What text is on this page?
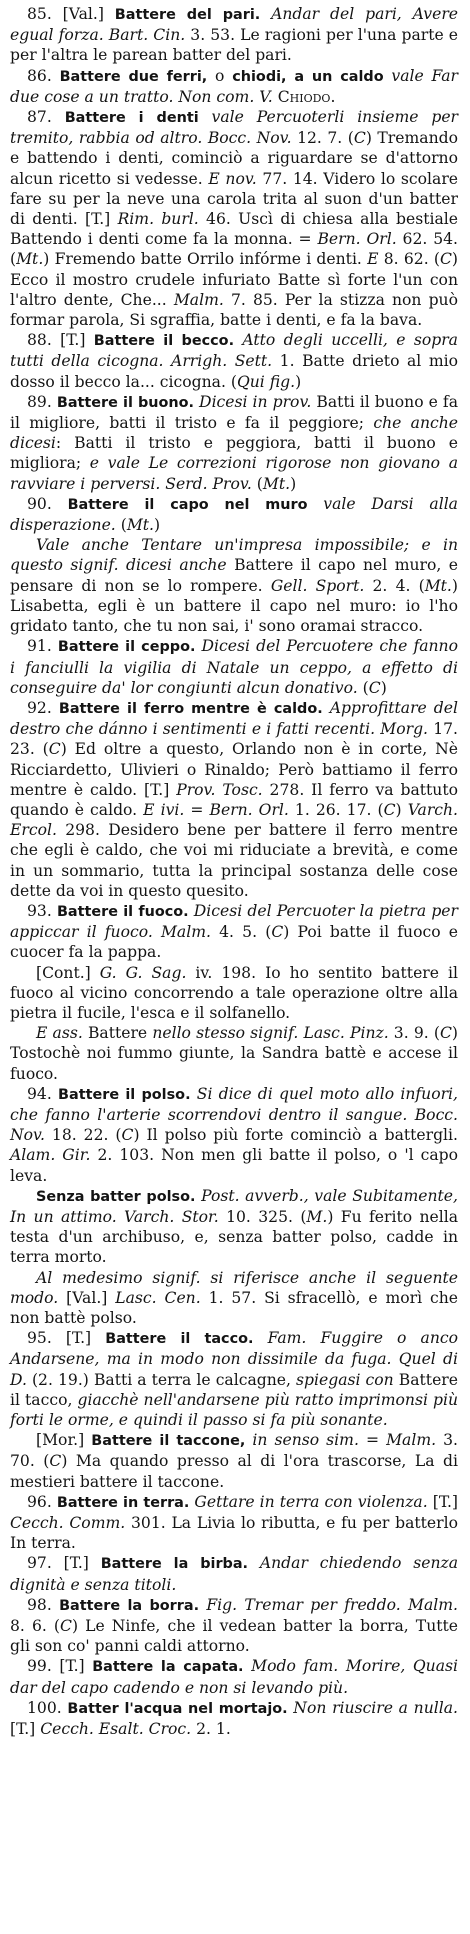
85. [Val.] Battere del pari. Andar del pari, Avere egual forza. Bart. Cin. 3. 53. Le ragioni per l'una parte e per l'altra le parean batter del pari.

86. Battere due ferri, o chiodi, a un caldo vale Far due cose a un tratto. Non com. V. Chiodo.

87. Battere i denti vale Percuoterli insieme per tremito, rabbia od altro. Bocc. Nov. 12. 7. (C) Tremando e battendo i denti, cominciò a riguardare se d'attorno alcun ricetto si vedesse. E nov. 77. 14. Videro lo scolare fare su per la neve una carola trita al suon d'un batter di denti. [T.] Rim. burl. 46. Uscì di chiesa alla bestiale Battendo i denti come fa la monna. = Bern. Orl. 62. 54. (Mt.) Fremendo batte Orrilo infórme i denti. E 8. 62. (C) Ecco il mostro crudele infuriato Batte sì forte l'un con l'altro dente, Che... Malm. 7. 85. Per la stizza non può formar parola, Si sgraffia, batte i denti, e fa la bava.

88. [T.] Battere il becco. Atto degli uccelli, e sopra tutti della cicogna. Arrigh. Sett. 1. Batte drieto al mio dosso il becco la... cicogna. (Qui fig.)

89. Battere il buono. Dicesi in prov. Batti il buono e fa il migliore, batti il tristo e fa il peggiore; che anche dicesi: Batti il tristo e peggiora, batti il buono e migliora; e vale Le correzioni rigorose non giovano a ravviare i perversi. Serd. Prov. (Mt.)

90. Battere il capo nel muro vale Darsi alla disperazione. (Mt.)

Vale anche Tentare un'impresa impossibile; e in questo signif. dicesi anche Battere il capo nel muro, e pensare di non se lo rompere. Gell. Sport. 2. 4. (Mt.) Lisabetta, egli è un battere il capo nel muro: io l'ho gridato tanto, che tu non sai, i' sono oramai stracco.

91. Battere il ceppo. Dicesi del Percuotere che fanno i fanciulli la vigilia di Natale un ceppo, a effetto di conseguire da' lor congiunti alcun donativo. (C)

92. Battere il ferro mentre è caldo. Approfittare del destro che dánno i sentimenti e i fatti recenti. Morg. 17. 23. (C) Ed oltre a questo, Orlando non è in corte, Nè Ricciardetto, Ulivieri o Rinaldo; Però battiamo il ferro mentre è caldo. [T.] Prov. Tosc. 278. Il ferro va battuto quando è caldo. E ivi. = Bern. Orl. 1. 26. 17. (C) Varch. Ercol. 298. Desidero bene per battere il ferro mentre che egli è caldo, che voi mi riduciate a brevità, e come in un sommario, tutta la principal sostanza delle cose dette da voi in questo quesito.

93. Battere il fuoco. Dicesi del Percuoter la pietra per appiccar il fuoco. Malm. 4. 5. (C) Poi batte il fuoco e cuocer fa la pappa.

[Cont.] G. G. Sag. iv. 198. Io ho sentito battere il fuoco al vicino concorrendo a tale operazione oltre alla pietra il fucile, l'esca e il solfanello.

E ass. Battere nello stesso signif. Lasc. Pinz. 3. 9. (C) Tostochè noi fummo giunte, la Sandra battè e accese il fuoco.

94. Battere il polso. Si dice di quel moto allo infuori, che fanno l'arterie scorrendovi dentro il sangue. Bocc. Nov. 18. 22. (C) Il polso più forte cominciò a battergli. Alam. Gir. 2. 103. Non men gli batte il polso, o 'l capo leva.

Senza batter polso. Post. avverb., vale Subitamente, In un attimo. Varch. Stor. 10. 325. (M.) Fu ferito nella testa d'un archibuso, e, senza batter polso, cadde in terra morto.

Al medesimo signif. si riferisce anche il seguente modo. [Val.] Lasc. Cen. 1. 57. Si sfracellò, e morì che non battè polso.

95. [T.] Battere il tacco. Fam. Fuggire o anco Andarsene, ma in modo non dissimile da fuga. Quel di D. (2. 19.) Batti a terra le calcagne, spiegasi con Battere il tacco, giacchè nell'andarsene più ratto imprimonsi più forti le orme, e quindi il passo si fa più sonante.

[Mor.] Battere il taccone, in senso sim. = Malm. 3. 70. (C) Ma quando presso al di l'ora trascorse, La di mestieri battere il taccone.

96. Battere in terra. Gettare in terra con violenza. [T.] Cecch. Comm. 301. La Livia lo ributta, e fu per batterlo In terra.

97. [T.] Battere la birba. Andar chiedendo senza dignità e senza titoli.

98. Battere la borra. Fig. Tremar per freddo. Malm. 8. 6. (C) Le Ninfe, che il vedean batter la borra, Tutte gli son co' panni caldi attorno.

99. [T.] Battere la capata. Modo fam. Morire, Quasi dar del capo cadendo e non si levando più.

100. Batter l'acqua nel mortajo. Non riuscire a nulla. [T.] Cecch. Esalt. Croc. 2. 1.
